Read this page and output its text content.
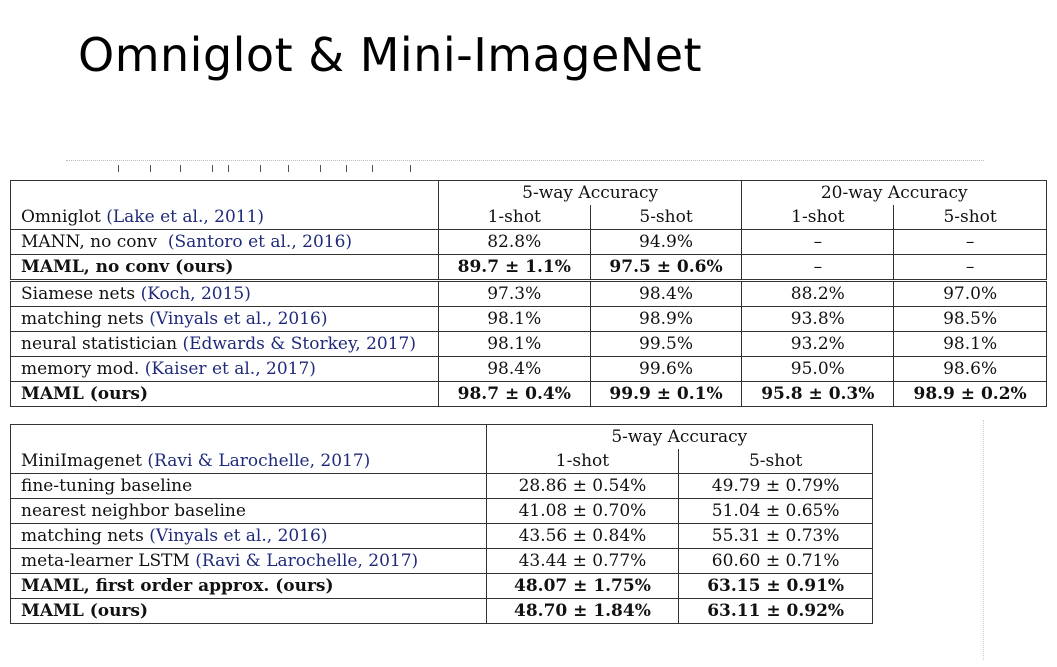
Omniglot & Mini-ImageNet
	5-way Accuracy		20-way Accuracy	
Omniglot (Lake et al., 2011)	1-shot	5-shot	1-shot	5-shot
MANN, no conv (Santoro et al., 2016)	82.8%	94.9%	–	–
MAML, no conv (ours)	89.7 ± 1.1%	97.5 ± 0.6%	–	–
Siamese nets (Koch, 2015)	97.3%	98.4%	88.2%	97.0%
matching nets (Vinyals et al., 2016)	98.1%	98.9%	93.8%	98.5%
neural statistician (Edwards & Storkey, 2017)	98.1%	99.5%	93.2%	98.1%
memory mod. (Kaiser et al., 2017)	98.4%	99.6%	95.0%	98.6%
MAML (ours)	98.7 ± 0.4%	99.9 ± 0.1%	95.8 ± 0.3%	98.9 ± 0.2%
	5-way Accuracy	
MiniImagenet (Ravi & Larochelle, 2017)	1-shot	5-shot
fine-tuning baseline	28.86 ± 0.54%	49.79 ± 0.79%
nearest neighbor baseline	41.08 ± 0.70%	51.04 ± 0.65%
matching nets (Vinyals et al., 2016)	43.56 ± 0.84%	55.31 ± 0.73%
meta-learner LSTM (Ravi & Larochelle, 2017)	43.44 ± 0.77%	60.60 ± 0.71%
MAML, first order approx. (ours)	48.07 ± 1.75%	63.15 ± 0.91%
MAML (ours)	48.70 ± 1.84%	63.11 ± 0.92%
